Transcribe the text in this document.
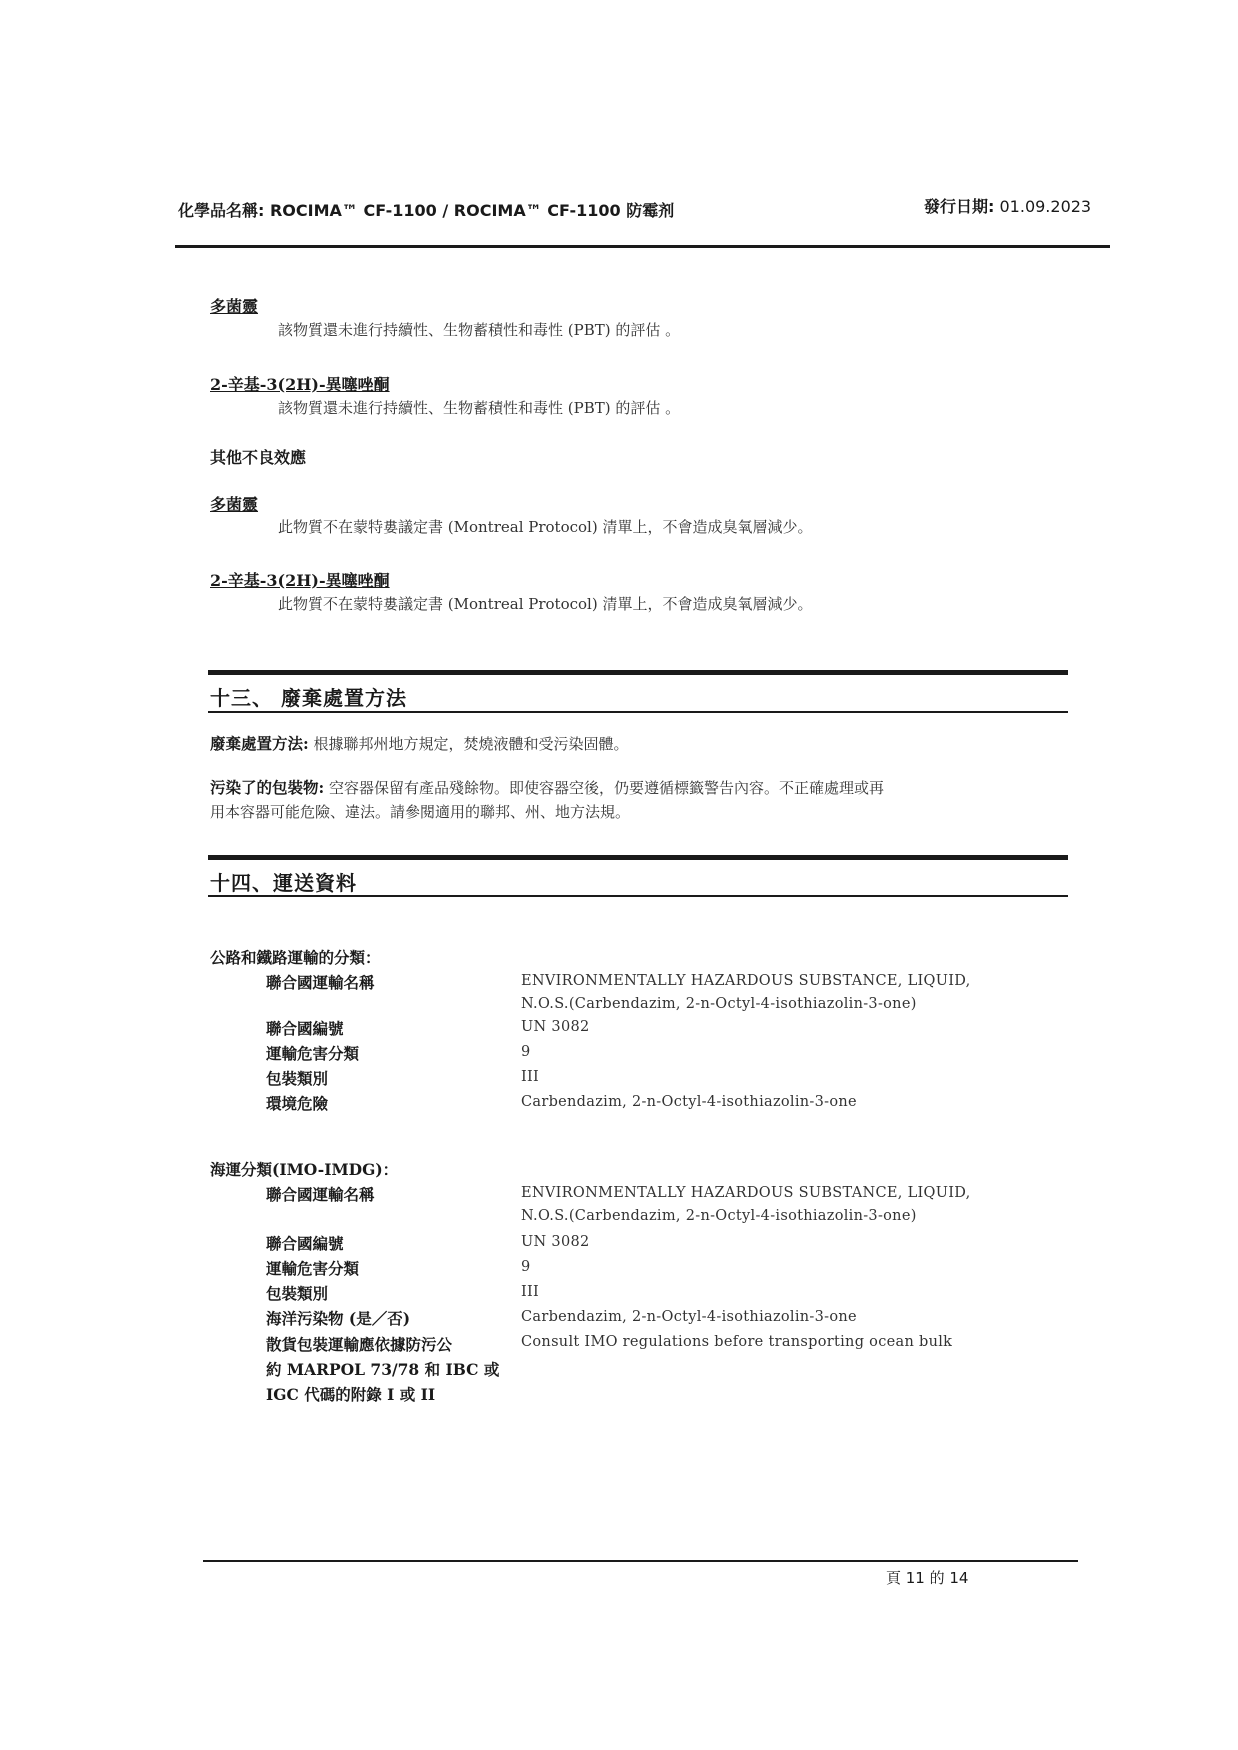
化學品名稱: ROCIMA™ CF-1100 / ROCIMA™ CF-1100 防霉剂	發行日期: 01.09.2023
多菌靈
該物質還未進行持續性、生物蓄積性和毒性 (PBT) 的評估 。
2-辛基-3(2H)-異噻唑酮
該物質還未進行持續性、生物蓄積性和毒性 (PBT) 的評估 。
其他不良效應
多菌靈
此物質不在蒙特婁議定書 (Montreal Protocol) 清單上，不會造成臭氧層減少。
2-辛基-3(2H)-異噻唑酮
此物質不在蒙特婁議定書 (Montreal Protocol) 清單上，不會造成臭氧層減少。
十三、 廢棄處置方法
廢棄處置方法: 根據聯邦州地方規定，焚燒液體和受污染固體。
污染了的包裝物: 空容器保留有產品殘餘物。即使容器空後，仍要遵循標籤警告內容。不正確處理或再
用本容器可能危險、違法。請參閱適用的聯邦、州、地方法規。
十四、運送資料
公路和鐵路運輸的分類：
聯合國運輸名稱	ENVIRONMENTALLY HAZARDOUS SUBSTANCE, LIQUID,
N.O.S.(Carbendazim, 2-n-Octyl-4-isothiazolin-3-one)
聯合國編號	UN 3082
運輸危害分類	9
包裝類別	III
環境危險	Carbendazim, 2-n-Octyl-4-isothiazolin-3-one
海運分類(IMO-IMDG)：
聯合國運輸名稱	ENVIRONMENTALLY HAZARDOUS SUBSTANCE, LIQUID,
N.O.S.(Carbendazim, 2-n-Octyl-4-isothiazolin-3-one)
聯合國編號	UN 3082
運輸危害分類	9
包裝類別	III
海洋污染物 (是／否)	Carbendazim, 2-n-Octyl-4-isothiazolin-3-one
散貨包裝運輸應依據防污公
約 MARPOL 73/78 和 IBC 或
IGC 代碼的附錄 I 或 II
Consult IMO regulations before transporting ocean bulk
頁 11 的 14
